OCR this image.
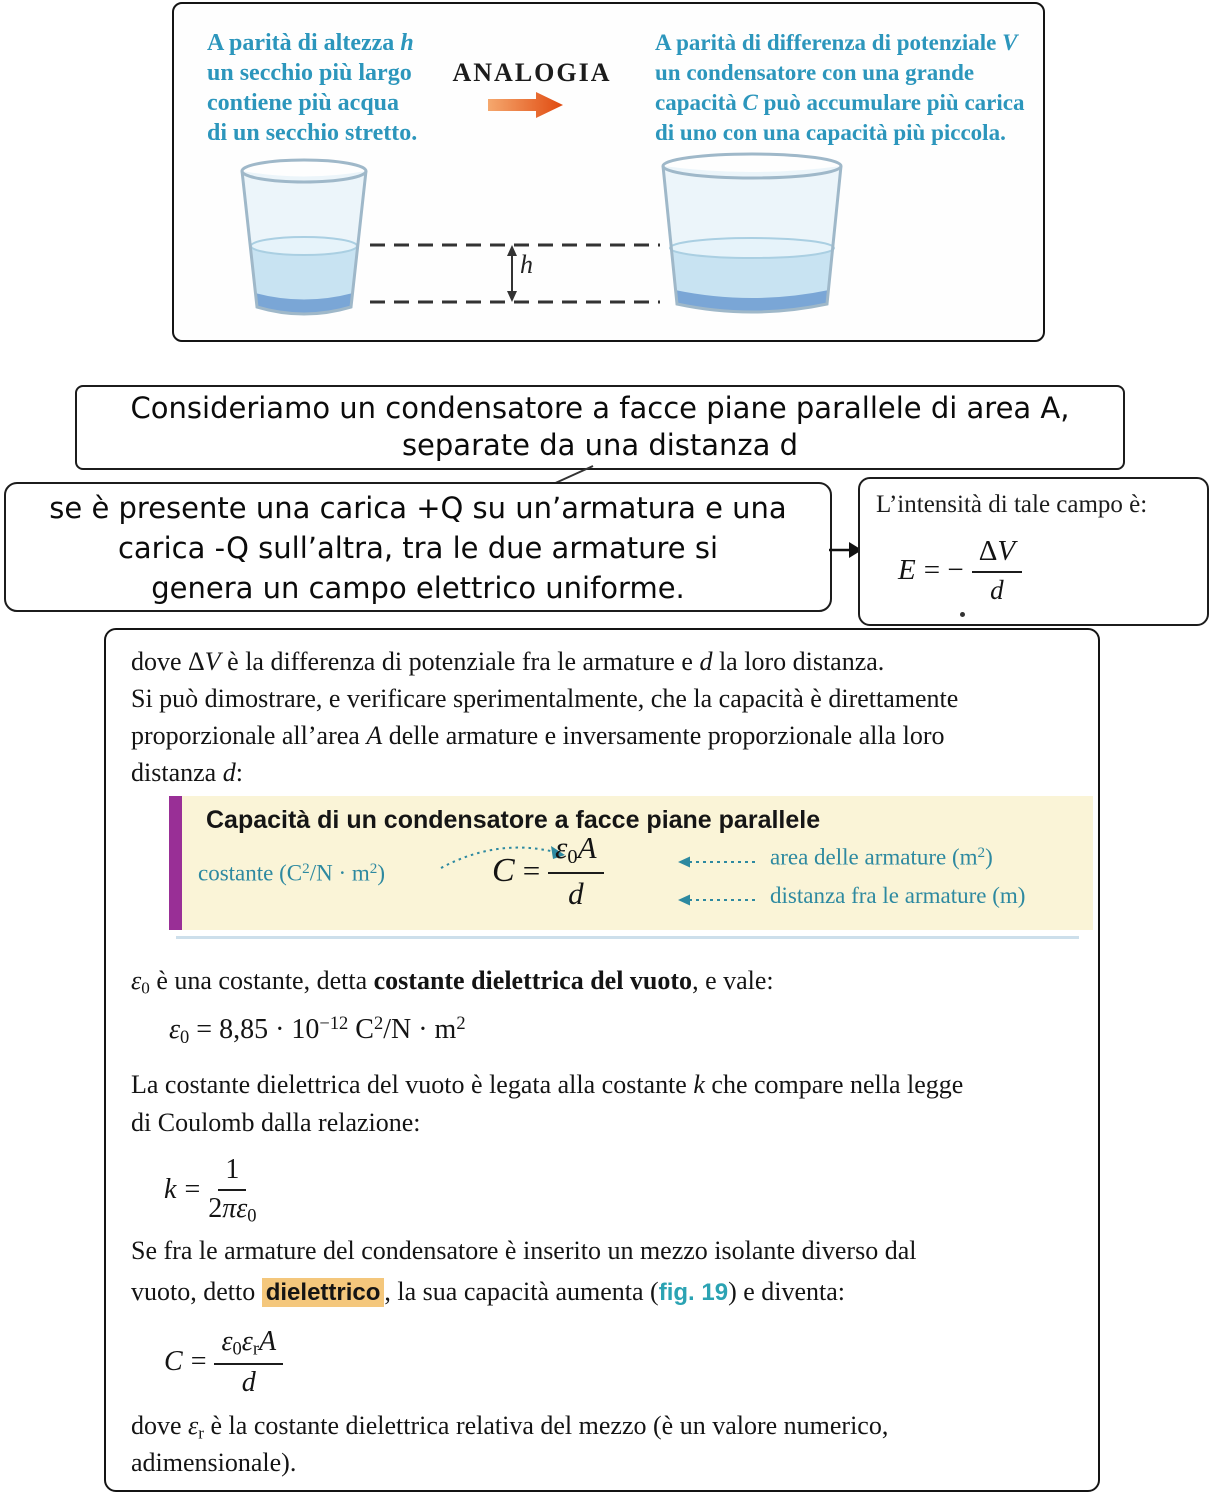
A parità di altezza h
un secchio più largo
contiene più acqua
di un secchio stretto.
ANALOGIA
A parità di differenza di potenziale V
un condensatore con una grande
capacità C può accumulare più carica
di uno con una capacità più piccola.
h
Consideriamo un condensatore a facce piane parallele di area A,
separate da una distanza d
se è presente una carica +Q su un’armatura e una
carica -Q sull’altra, tra le due armature si
genera un campo elettrico uniforme.
L’intensità di tale campo è:
E = − $\frac{\Delta V}{d}$
dove ΔV è la differenza di potenziale fra le armature e d la loro distanza.
Si può dimostrare, e verificare sperimentalmente, che la capacità è direttamente
proporzionale all’area A delle armature e inversamente proporzionale alla loro
distanza d:
Capacità di un condensatore a facce piane parallele
costante $(C^2/N \cdot m^2)$	$C = \frac{\varepsilon_0A}{d}$	area delle armature $(m^2)$
distanza fra le armature (m)
$\varepsilon_0$ è una costante, detta costante dielettrica del vuoto, e vale:
$\varepsilon_0 = 8,85 \cdot 10^{-12}$ $C^2/N \cdot m^2$
La costante dielettrica del vuoto è legata alla costante k che compare nella legge
di Coulomb dalla relazione:
$k = \frac{1}{2\pi\varepsilon_0}$
Se fra le armature del condensatore è inserito un mezzo isolante diverso dal
vuoto, detto dielettrico , la sua capacità aumenta (fig. 19) e diventa:
$C = \frac{\varepsilon_0\varepsilon_rA}{d}$
dove $\varepsilon_r$ è la costante dielettrica relativa del mezzo (è un valore numerico,
adimensionale).
